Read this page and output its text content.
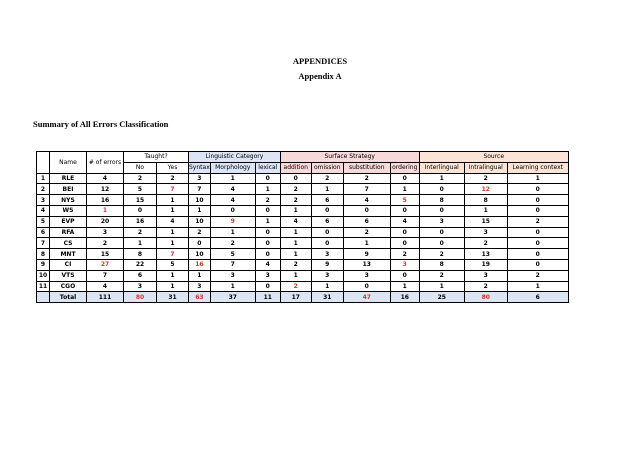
APPENDICES
Appendix A
Summary of All Errors Classification
	Name	# of errors	Taught?		Linguistic Category			Surface Strategy				Source		
			No	Yes	Syntax	Morphology	lexical	addition	omission	substitution	ordering	Interlingual	Intralingual	Learning context
1	RLE	4	2	2	3	1	0	0	2	2	0	1	2	1
2	BEI	12	5	7	7	4	1	2	1	7	1	0	12	0
3	NYS	16	15	1	10	4	2	2	6	4	5	8	8	0
4	WS	1	0	1	1	0	0	1	0	0	0	0	1	0
5	EVP	20	16	4	10	9	1	4	6	6	4	3	15	2
6	RFA	3	2	1	2	1	0	1	0	2	0	0	3	0
7	CS	2	1	1	0	2	0	1	0	1	0	0	2	0
8	MNT	15	8	7	10	5	0	1	3	9	2	2	13	0
9	CI	27	22	5	16	7	4	2	9	13	3	8	19	0
10	VTS	7	6	1	1	3	3	1	3	3	0	2	3	2
11	CGO	4	3	1	3	1	0	2	1	0	1	1	2	1
	Total	111	80	31	63	37	11	17	31	47	16	25	80	6
